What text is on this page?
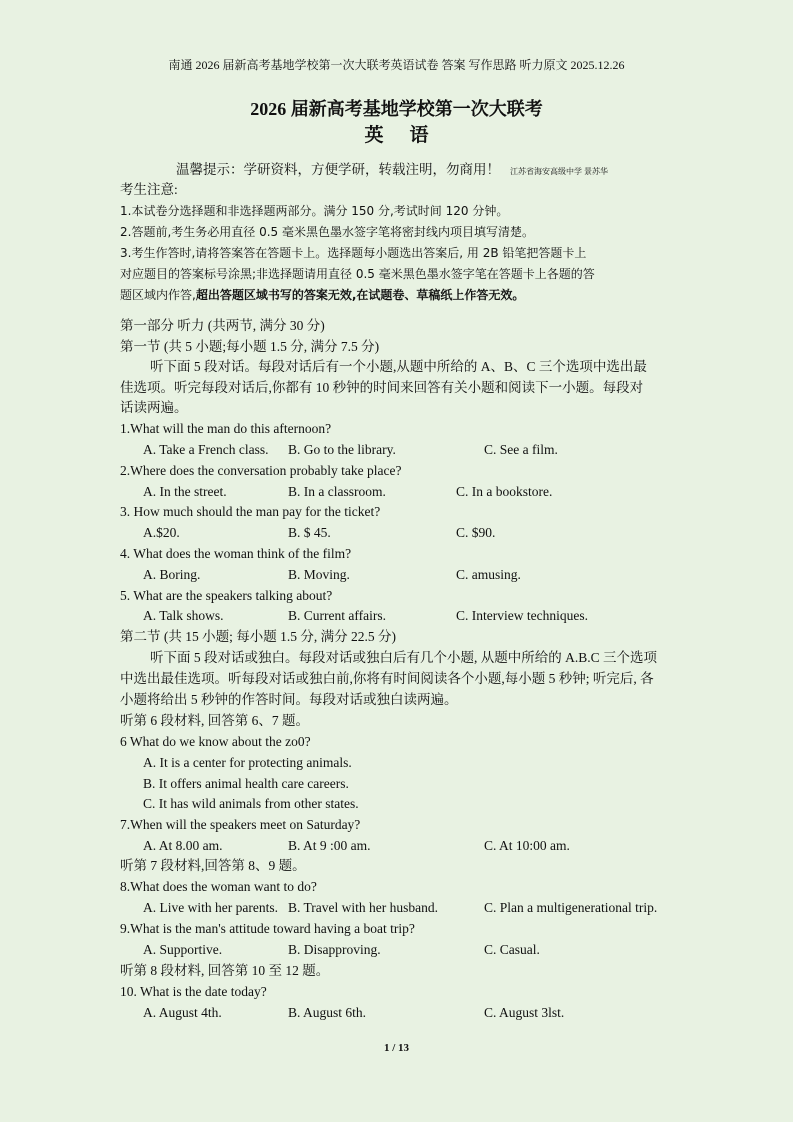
南通 2026 届新高考基地学校第一次大联考英语试卷 答案 写作思路 听力原文 2025.12.26
2026 届新高考基地学校第一次大联考
英语
温馨提示：学研资料，方便学研，转载注明，勿商用！ 江苏省海安高级中学 景苏华
考生注意:
1.本试卷分选择题和非选择题两部分。满分 150 分,考试时间 120 分钟。
2.答题前,考生务必用直径 0.5 毫米黑色墨水签字笔将密封线内项目填写清楚。
3.考生作答时,请将答案答在答题卡上。选择题每小题选出答案后, 用 2B 铅笔把答题卡上
对应题目的答案标号涂黑;非选择题请用直径 0.5 毫米黑色墨水签字笔在答题卡上各题的答
题区域内作答,超出答题区域书写的答案无效,在试题卷、草稿纸上作答无效。
第一部分 听力 (共两节, 满分 30 分)
第一节 (共 5 小题;每小题 1.5 分, 满分 7.5 分)
听下面 5 段对话。每段对话后有一个小题,从题中所给的 A、B、C 三个选项中选出最
佳选项。听完每段对话后,你都有 10 秒钟的时间来回答有关小题和阅读下一小题。每段对
话读两遍。
1.What will the man do this afternoon?
A. Take a French class. B. Go to the library.	C. See a film.
2.Where does the conversation probably take place?
A. In the street.	B. In a classroom.	C. In a bookstore.
3. How much should the man pay for the ticket?
A.$20.	B. $ 45.	C. $90.
4. What does the woman think of the film?
A. Boring.	B. Moving.	C. amusing.
5. What are the speakers talking about?
A. Talk shows.	B. Current affairs.	C. Interview techniques.
第二节 (共 15 小题; 每小题 1.5 分, 满分 22.5 分)
听下面 5 段对话或独白。每段对话或独白后有几个小题, 从题中所给的 A.B.C 三个选项
中选出最佳选项。听每段对话或独白前,你将有时间阅读各个小题,每小题 5 秒钟; 听完后, 各
小题将给出 5 秒钟的作答时间。每段对话或独白读两遍。
听第 6 段材料, 回答第 6、7 题。
6 What do we know about the zo0?
A. It is a center for protecting animals.
B. It offers animal health care careers.
C. It has wild animals from other states.
7.When will the speakers meet on Saturday?
A. At 8.00 am.	B. At 9 :00 am.	C. At 10:00 am.
听第 7 段材料,回答第 8、9 题。
8.What does the woman want to do?
A. Live with her parents. B. Travel with her husband.	C. Plan a multigenerational trip.
9.What is the man's attitude toward having a boat trip?
A. Supportive.	B. Disapproving.	C. Casual.
听第 8 段材料, 回答第 10 至 12 题。
10. What is the date today?
A. August 4th.	B. August 6th.	C. August 3lst.
1 / 13
